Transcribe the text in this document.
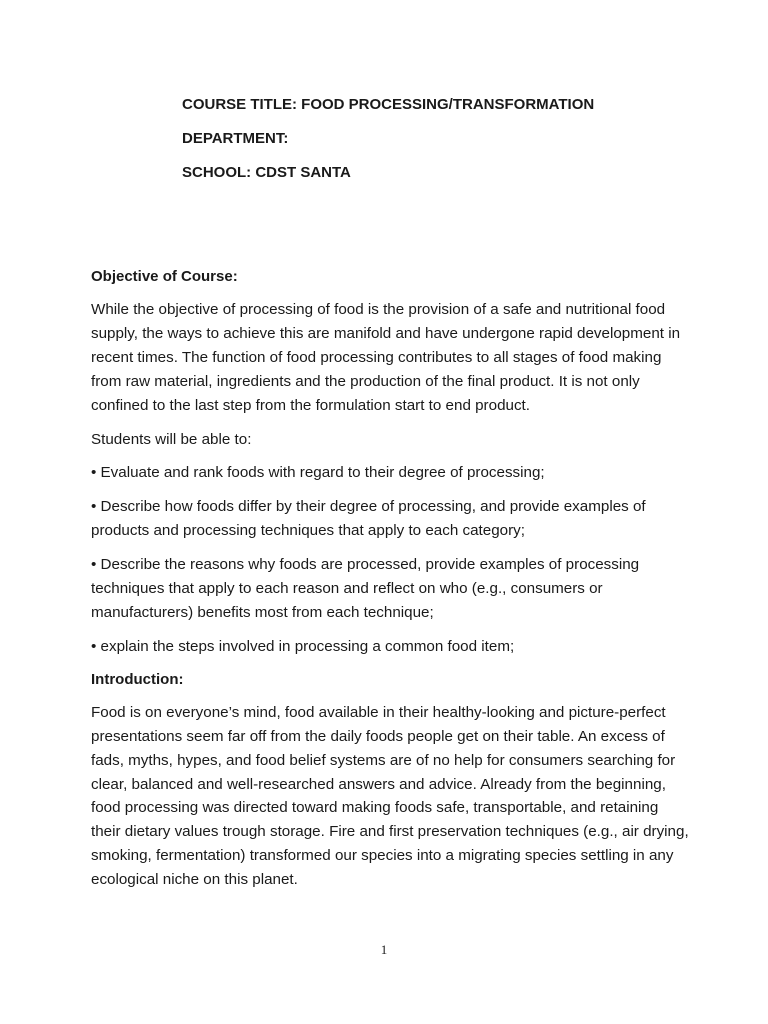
COURSE TITLE: FOOD PROCESSING/TRANSFORMATION
DEPARTMENT:
SCHOOL: CDST SANTA
Objective of Course:

While the objective of processing of food is the provision of a safe and nutritional food supply, the ways to achieve this are manifold and have undergone rapid development in recent times. The function of food processing contributes to all stages of food making from raw material, ingredients and the production of the final product. It is not only confined to the last step from the formulation start to end product.

Students will be able to:

• Evaluate and rank foods with regard to their degree of processing;

• Describe how foods differ by their degree of processing, and provide examples of products and processing techniques that apply to each category;

• Describe the reasons why foods are processed, provide examples of processing techniques that apply to each reason and reflect on who (e.g., consumers or manufacturers) benefits most from each technique;

• explain the steps involved in processing a common food item;

Introduction:

Food is on everyone’s mind, food available in their healthy-looking and picture-perfect presentations seem far off from the daily foods people get on their table. An excess of fads, myths, hypes, and food belief systems are of no help for consumers searching for clear, balanced and well-researched answers and advice. Already from the beginning, food processing was directed toward making foods safe, transportable, and retaining their dietary values trough storage. Fire and first preservation techniques (e.g., air drying, smoking, fermentation) transformed our species into a migrating species settling in any ecological niche on this planet.

1
